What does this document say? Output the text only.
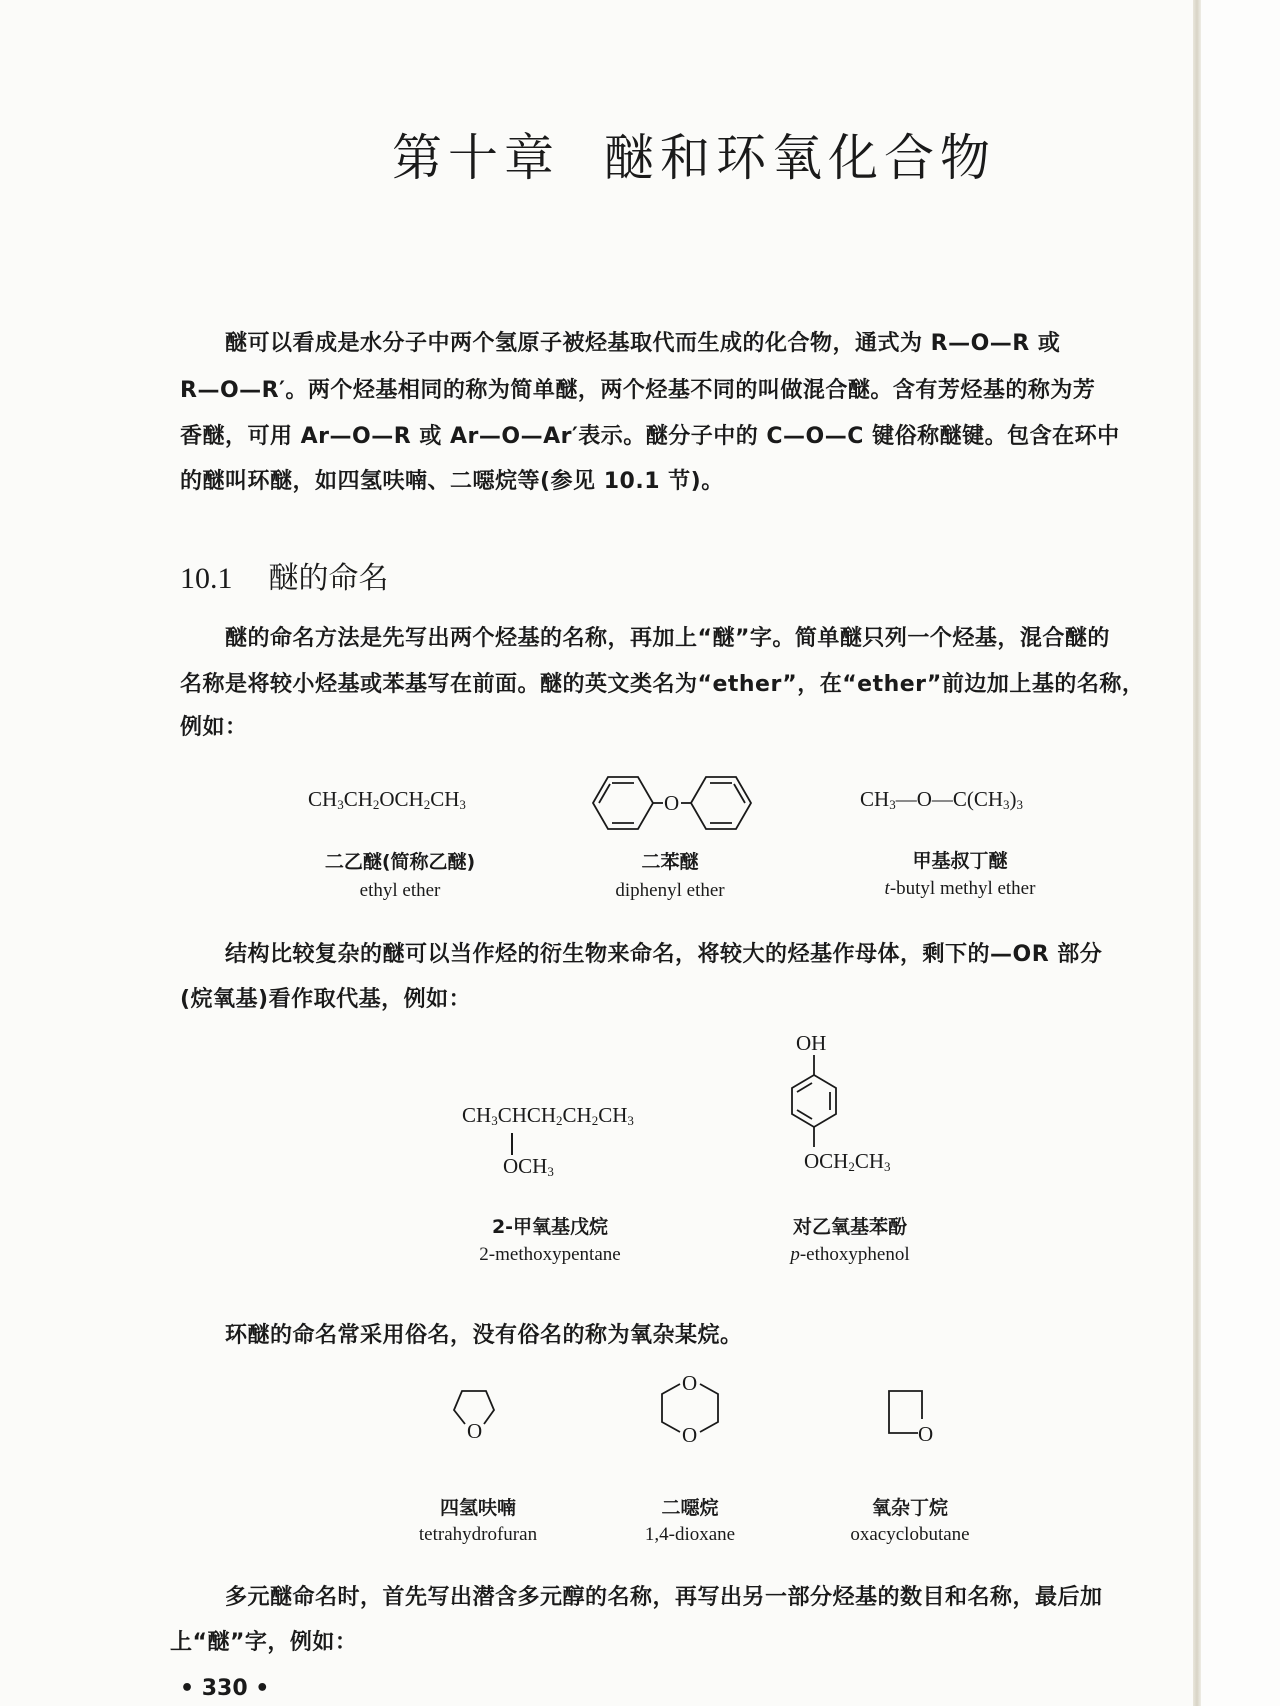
第十章 醚和环氧化合物
醚可以看成是水分子中两个氢原子被烃基取代而生成的化合物，通式为 R—O—R 或
R—O—R′。两个烃基相同的称为简单醚，两个烃基不同的叫做混合醚。含有芳烃基的称为芳
香醚，可用 Ar—O—R 或 Ar—O—Ar′表示。醚分子中的 C—O—C 键俗称醚键。包含在环中
的醚叫环醚，如四氢呋喃、二噁烷等(参见 10.1 节)。
10.1 醚的命名
醚的命名方法是先写出两个烃基的名称，再加上“醚”字。简单醚只列一个烃基，混合醚的
名称是将较小烃基或苯基写在前面。醚的英文类名为“ether”，在“ether”前边加上基的名称，
例如：
$CH_3CH_2OCH_2CH_3$
二乙醚(简称乙醚)
ethyl ether
O
二苯醚
diphenyl ether
$CH_3—O—C(CH_3)_3$
甲基叔丁醚
t-butyl methyl ether
结构比较复杂的醚可以当作烃的衍生物来命名，将较大的烃基作母体，剩下的—OR 部分
(烷氧基)看作取代基，例如：
$CH_3CHCH_2CH_2CH_3$
$OCH_3$
2-甲氧基戊烷
2-methoxypentane
OH
$OCH_2CH_3$
对乙氧基苯酚
p-ethoxyphenol
环醚的命名常采用俗名，没有俗名的称为氧杂某烷。
O
四氢呋喃
tetrahydrofuran
O
O
二噁烷
1,4-dioxane
O
氧杂丁烷
oxacyclobutane
多元醚命名时，首先写出潜含多元醇的名称，再写出另一部分烃基的数目和名称，最后加
上“醚”字，例如：
• 330 •
